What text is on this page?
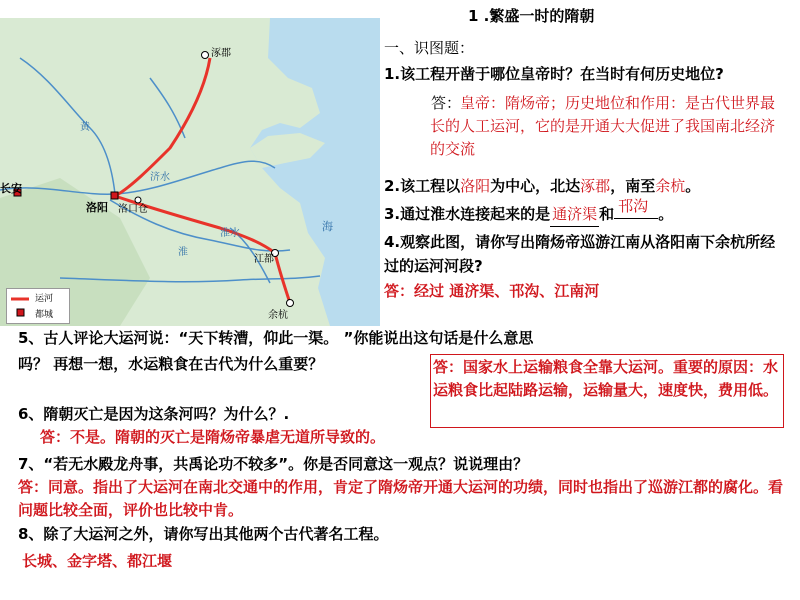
涿郡
长安
洛阳 洛口仓
江都
余杭
济水
淮水
黄
淮
海
运河
都城
1 .繁盛一时的隋朝
一、识图题：
1.该工程开凿于哪位皇帝时？在当时有何历史地位?
答：
皇帝：隋炀帝；历史地位和作用：是古代世界最长的人工运河，它的是开通大大促进了我国南北经济的交流
2.该工程以洛阳为中心，北达涿郡，南至余杭。
3.通过淮水连接起来的是 通济渠 和 邗沟 。
4.观察此图，请你写出隋炀帝巡游江南从洛阳南下余杭所经过的运河河段?
答：经过 通济渠、邗沟、江南河
5、古人评论大运河说：“天下转漕，仰此一渠。 ”你能说出这句话是什么意思
吗？ 再想一想，水运粮食在古代为什么重要？	答：国家水上运输粮食全靠大运河。重要的原因：水运粮食比起陆路运输，运输量大，速度快，费用低。
6、隋朝灭亡是因为这条河吗？为什么？.
答：不是。隋朝的灭亡是隋炀帝暴虐无道所导致的。
7、“若无水殿龙舟事，共禹论功不较多”。你是否同意这一观点？说说理由？
答：同意。指出了大运河在南北交通中的作用，肯定了隋炀帝开通大运河的功绩，同时也指出了巡游江都的腐化。看问题比较全面，评价也比较中肯。
8、除了大运河之外，请你写出其他两个古代著名工程。
长城、金字塔、都江堰
